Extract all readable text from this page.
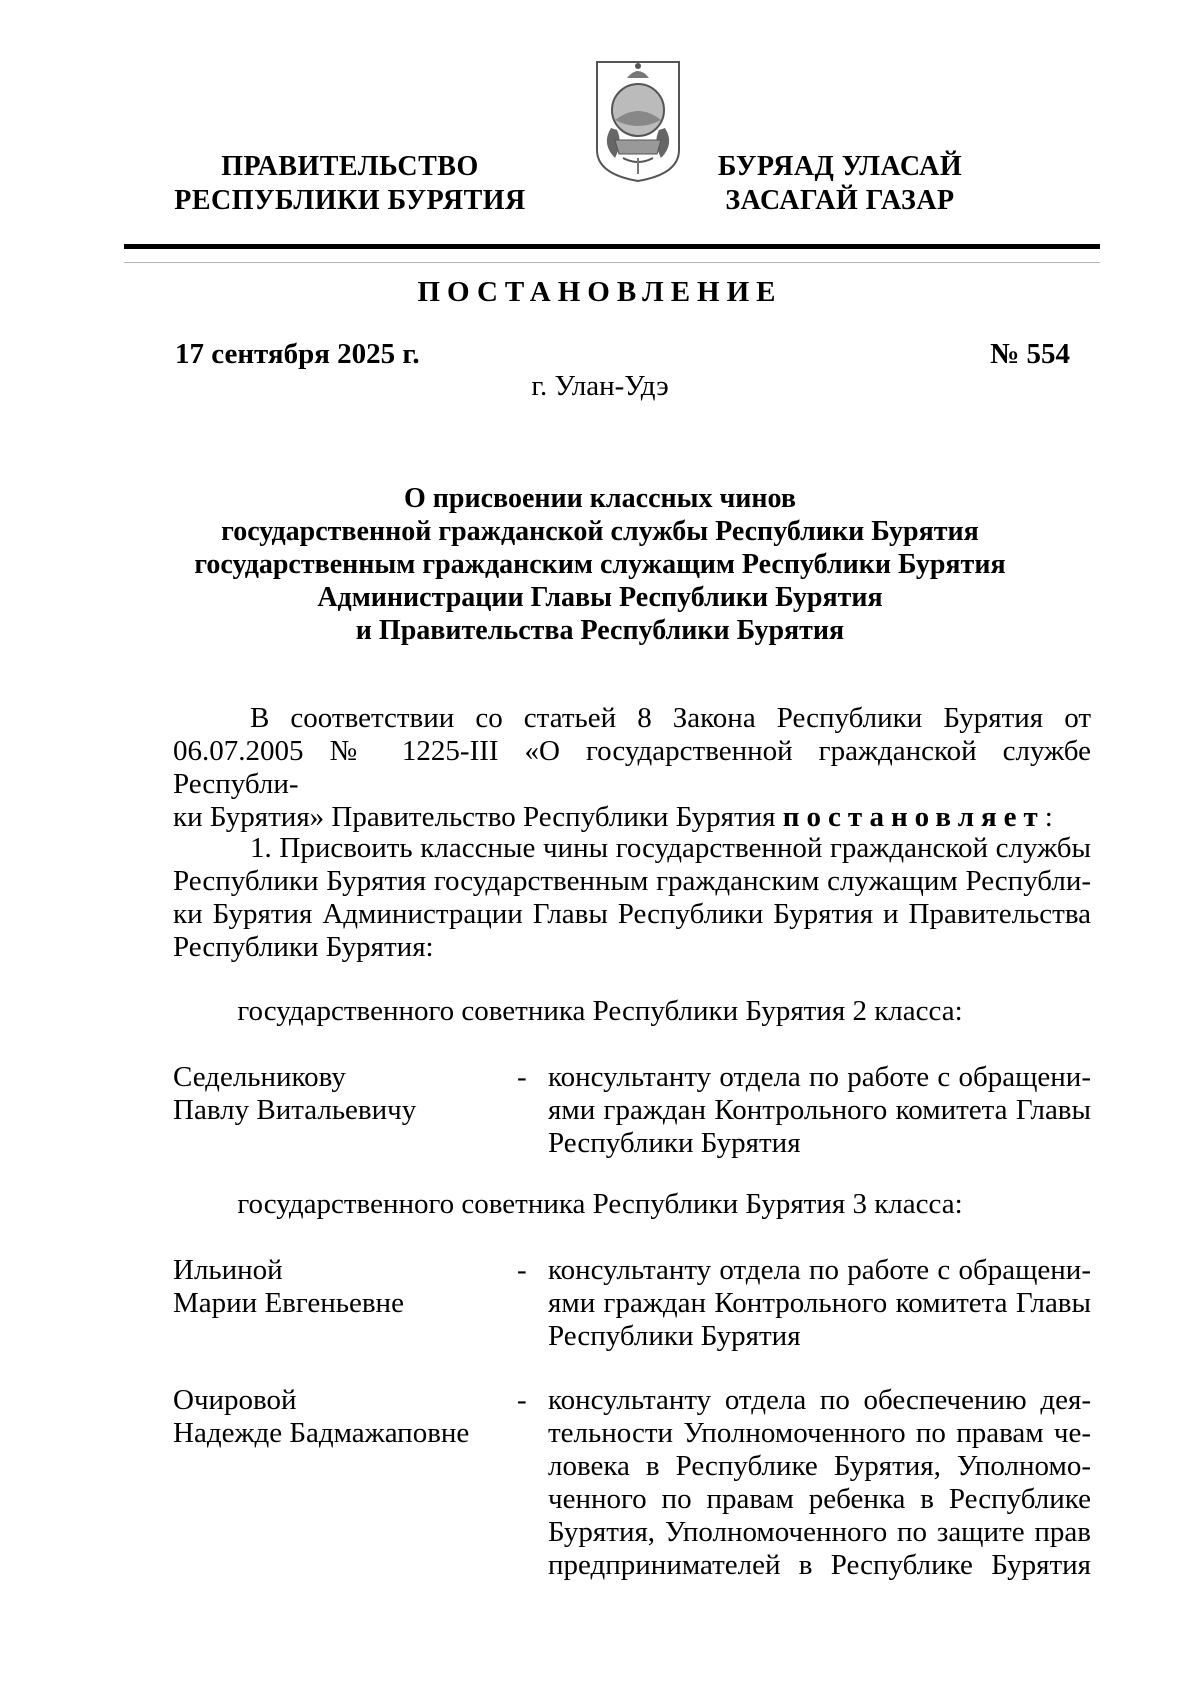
ПРАВИТЕЛЬСТВО
РЕСПУБЛИКИ БУРЯТИЯ
БУРЯАД УЛАСАЙ
ЗАСАГАЙ ГАЗАР
ПОСТАНОВЛЕНИЕ
17 сентября 2025 г.	№ 554
г. Улан-Удэ
О присвоении классных чинов
государственной гражданской службы Республики Бурятия
государственным гражданским служащим Республики Бурятия
Администрации Главы Республики Бурятия
и Правительства Республики Бурятия
В соответствии со статьей 8 Закона Республики Бурятия от
06.07.2005 № 1225-III «О государственной гражданской службе Республи-
ки Бурятия» Правительство Республики Бурятия постановляет:
1. Присвоить классные чины государственной гражданской службы
Республики Бурятия государственным гражданским служащим Республи-
ки Бурятия Администрации Главы Республики Бурятия и Правительства
Республики Бурятия:
государственного советника Республики Бурятия 2 класса:
Седельникову
Павлу Витальевичу
- консультанту отдела по работе с обращени-
ями граждан Контрольного комитета Главы
Республики Бурятия
государственного советника Республики Бурятия 3 класса:
Ильиной
Марии Евгеньевне
- консультанту отдела по работе с обращени-
ями граждан Контрольного комитета Главы
Республики Бурятия
Очировой
Надежде Бадмажаповне
- консультанту отдела по обеспечению дея-
тельности Уполномоченного по правам че-
ловека в Республике Бурятия, Уполномо-
ченного по правам ребенка в Республике
Бурятия, Уполномоченного по защите прав
предпринимателей в Республике Бурятия
